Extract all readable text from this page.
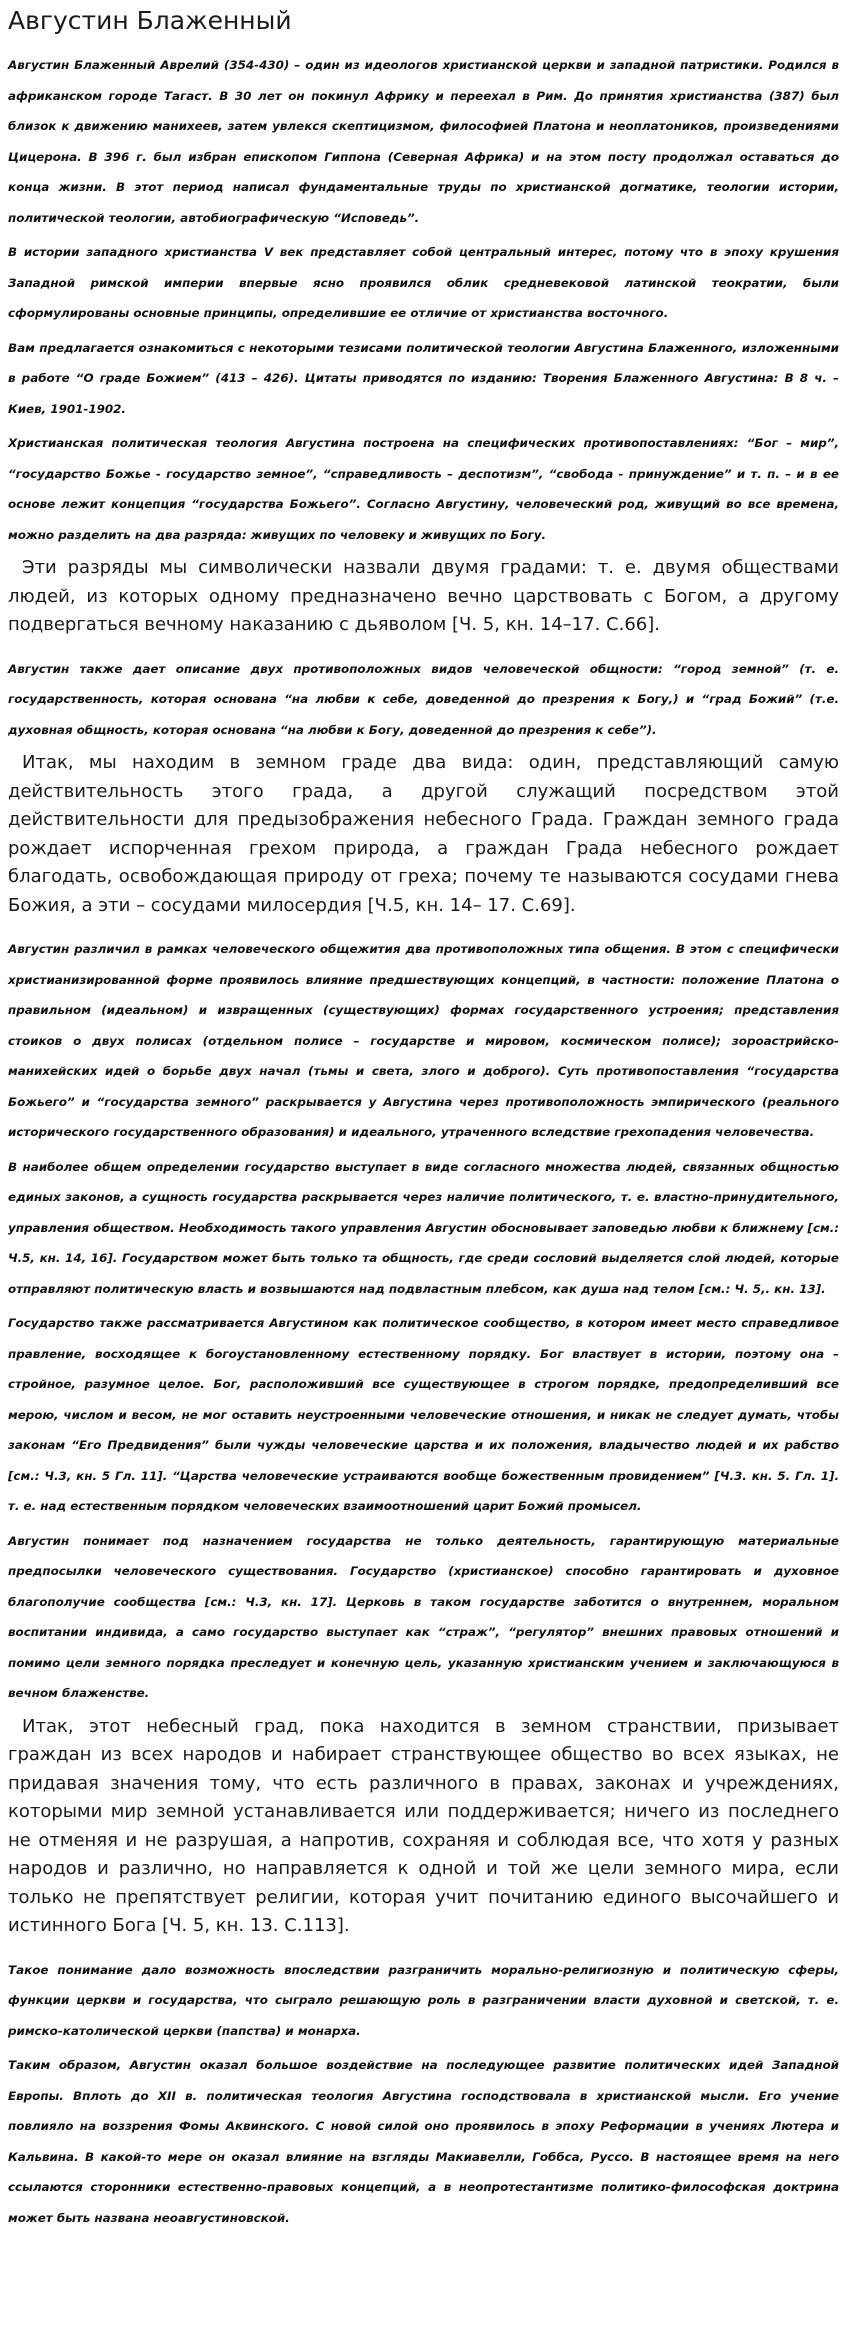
Августин Блаженный

Августин Блаженный Аврелий (354-430) – один из идеологов христианской церкви и западной патристики. Родился в африканском городе Тагаст. В 30 лет он покинул Африку и переехал в Рим. До принятия христианства (387) был близок к движению манихеев, затем увлекся скептицизмом, философией Платона и неоплатоников, произведениями Цицерона. В 396 г. был избран епископом Гиппона (Северная Африка) и на этом посту продолжал оставаться до конца жизни. В этот период написал фундаментальные труды по христианской догматике, теологии истории, политической теологии, автобиографическую “Исповедь”.

В истории западного христианства V век представляет собой центральный интерес, потому что в эпоху крушения Западной римской империи впервые ясно проявился облик средневековой латинской теократии, были сформулированы основные принципы, определившие ее отличие от христианства восточного.

Вам предлагается ознакомиться с некоторыми тезисами политической теологии Августина Блаженного, изложенными в работе “О граде Божием” (413 – 426). Цитаты приводятся по изданию: Творения Блаженного Августина: В 8 ч. – Киев, 1901-1902.

Христианская политическая теология Августина построена на специфических противопоставлениях: “Бог – мир”, “государство Божье - государство земное”, “справедливость – деспотизм”, “свобода - принуждение” и т. п. – и в ее основе лежит концепция “государства Божьего”. Согласно Августину, человеческий род, живущий во все времена, можно разделить на два разряда: живущих по человеку и живущих по Богу.

Эти разряды мы символически назвали двумя градами: т. е. двумя обществами людей, из которых одному предназначено вечно царствовать с Богом, а другому подвергаться вечному наказанию с дьяволом [Ч. 5, кн. 14–17. С.66].

Августин также дает описание двух противоположных видов человеческой общности: “город земной” (т. е. государственность, которая основана “на любви к себе, доведенной до презрения к Богу,) и “град Божий” (т.е. духовная общность, которая основана “на любви к Богу, доведенной до презрения к себе”).

Итак, мы находим в земном граде два вида: один, представляющий самую действительность этого града, а другой служащий посредством этой действительности для предызображения небесного Града. Граждан земного града рождает испорченная грехом природа, а граждан Града небесного рождает благодать, освобождающая природу от греха; почему те называются сосудами гнева Божия, а эти – сосудами милосердия [Ч.5, кн. 14– 17. С.69].

Августин различил в рамках человеческого общежития два противоположных типа общения. В этом с специфически христианизированной форме проявилось влияние предшествующих концепций, в частности: положение Платона о правильном (идеальном) и извращенных (существующих) формах государственного устроения; представления стоиков о двух полисах (отдельном полисе – государстве и мировом, космическом полисе); зороастрийско-манихейских идей о борьбе двух начал (тьмы и света, злого и доброго). Суть противопоставления “государства Божьего” и “государства земного” раскрывается у Августина через противоположность эмпирического (реального исторического государственного образования) и идеального, утраченного вследствие грехопадения человечества.

В наиболее общем определении государство выступает в виде согласного множества людей, связанных общностью единых законов, а сущность государства раскрывается через наличие политического, т. е. властно-принудительного, управления обществом. Необходимость такого управления Августин обосновывает заповедью любви к ближнему [см.: Ч.5, кн. 14, 16]. Государством может быть только та общность, где среди сословий выделяется слой людей, которые отправляют политическую власть и возвышаются над подвластным плебсом, как душа над телом [см.: Ч. 5,. кн. 13].

Государство также рассматривается Августином как политическое сообщество, в котором имеет место справедливое правление, восходящее к богоустановленному естественному порядку. Бог властвует в истории, поэтому она – стройное, разумное целое. Бог, расположивший все существующее в строгом порядке, предопределивший все мерою, числом и весом, не мог оставить неустроенными человеческие отношения, и никак не следует думать, чтобы законам “Его Предвидения” были чужды человеческие царства и их положения, владычество людей и их рабство [см.: Ч.3, кн. 5 Гл. 11]. “Царства человеческие устраиваются вообще божественным провидением” [Ч.3. кн. 5. Гл. 1]. т. е. над естественным порядком человеческих взаимоотношений царит Божий промысел.

Августин понимает под назначением государства не только деятельность, гарантирующую материальные предпосылки человеческого существования. Государство (христианское) способно гарантировать и духовное благополучие сообщества [см.: Ч.3, кн. 17]. Церковь в таком государстве заботится о внутреннем, моральном воспитании индивида, а само государство выступает как “страж”, “регулятор” внешних правовых отношений и помимо цели земного порядка преследует и конечную цель, указанную христианским учением и заключающуюся в вечном блаженстве.

Итак, этот небесный град, пока находится в земном странствии, призывает граждан из всех народов и набирает странствующее общество во всех языках, не придавая значения тому, что есть различного в правах, законах и учреждениях, которыми мир земной устанавливается или поддерживается; ничего из последнего не отменяя и не разрушая, а напротив, сохраняя и соблюдая все, что хотя у разных народов и различно, но направляется к одной и той же цели земного мира, если только не препятствует религии, которая учит почитанию единого высочайшего и истинного Бога [Ч. 5, кн. 13. С.113].

Такое понимание дало возможность впоследствии разграничить морально-религиозную и политическую сферы, функции церкви и государства, что сыграло решающую роль в разграничении власти духовной и светской, т. е. римско-католической церкви (папства) и монарха.

Таким образом, Августин оказал большое воздействие на последующее развитие политических идей Западной Европы. Вплоть до XII в. политическая теология Августина господствовала в христианской мысли. Его учение повлияло на воззрения Фомы Аквинского. С новой силой оно проявилось в эпоху Реформации в учениях Лютера и Кальвина. В какой-то мере он оказал влияние на взгляды Макиавелли, Гоббса, Руссо. В настоящее время на него ссылаются сторонники естественно-правовых концепций, а в неопротестантизме политико-философская доктрина может быть названа неоавгустиновской.
